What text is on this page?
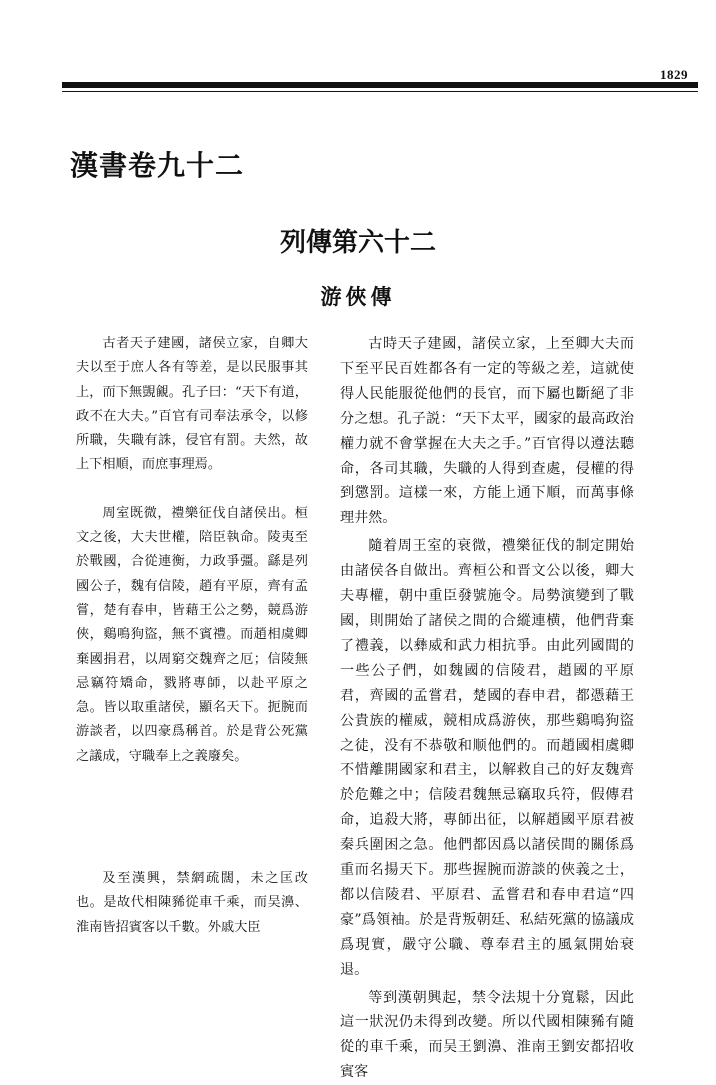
1829
漢書卷九十二
列傳第六十二
游俠傳

古者天子建國，諸侯立家，自卿大夫以至于庶人各有等差，是以民服事其上，而下無覬覦。孔子曰：“天下有道，政不在大夫。”百官有司奉法承令，以修所職，失職有誅，侵官有罰。夫然，故上下相順，而庶事理焉。

周室既微，禮樂征伐自諸侯出。桓文之後，大夫世權，陪臣執命。陵夷至於戰國，合從連衡，力政爭彊。繇是列國公子，魏有信陵，趙有平原，齊有孟嘗，楚有春申，皆藉王公之勢，競爲游俠，鷄鳴狗盜，無不賓禮。而趙相虞卿棄國捐君，以周窮交魏齊之厄；信陵無忌竊符矯命，戮將專師，以赴平原之急。皆以取重諸侯，顯名天下。扼腕而游談者，以四豪爲稱首。於是背公死黨之議成，守職奉上之義廢矣。

及至漢興，禁網疏闊，未之匡改也。是故代相陳豨從車千乘，而吴濞、淮南皆招賓客以千數。外戚大臣

古時天子建國，諸侯立家，上至卿大夫而下至平民百姓都各有一定的等級之差，這就使得人民能服從他們的長官，而下屬也斷絕了非分之想。孔子説：“天下太平，國家的最高政治權力就不會掌握在大夫之手。”百官得以遵法聽命，各司其職，失職的人得到查處，侵權的得到懲罰。這樣一來，方能上通下順，而萬事條理井然。

隨着周王室的衰微，禮樂征伐的制定開始由諸侯各自做出。齊桓公和晋文公以後，卿大夫專權，朝中重臣發號施令。局勢演變到了戰國，則開始了諸侯之間的合縱連横，他們背棄了禮義，以彝威和武力相抗爭。由此列國間的一些公子們，如魏國的信陵君，趙國的平原君，齊國的孟嘗君，楚國的春申君，都憑藉王公貴族的權威，競相成爲游俠，那些鷄鳴狗盜之徒，没有不恭敬和顺他們的。而趙國相虞卿不惜離開國家和君主，以解救自己的好友魏齊於危難之中；信陵君魏無忌竊取兵符，假傳君命，追殺大將，專師出征，以解趙國平原君被秦兵圍困之急。他們都因爲以諸侯間的關係爲重而名揚天下。那些握腕而游談的俠義之士，都以信陵君、平原君、孟嘗君和春申君這“四豪”爲領袖。於是背叛朝廷、私結死黨的協議成爲現實，嚴守公職、尊奉君主的風氣開始衰退。

等到漢朝興起，禁令法規十分寬鬆，因此這一狀況仍未得到改變。所以代國相陳豨有隨從的車千乘，而吴王劉濞、淮南王劉安都招收賓客
